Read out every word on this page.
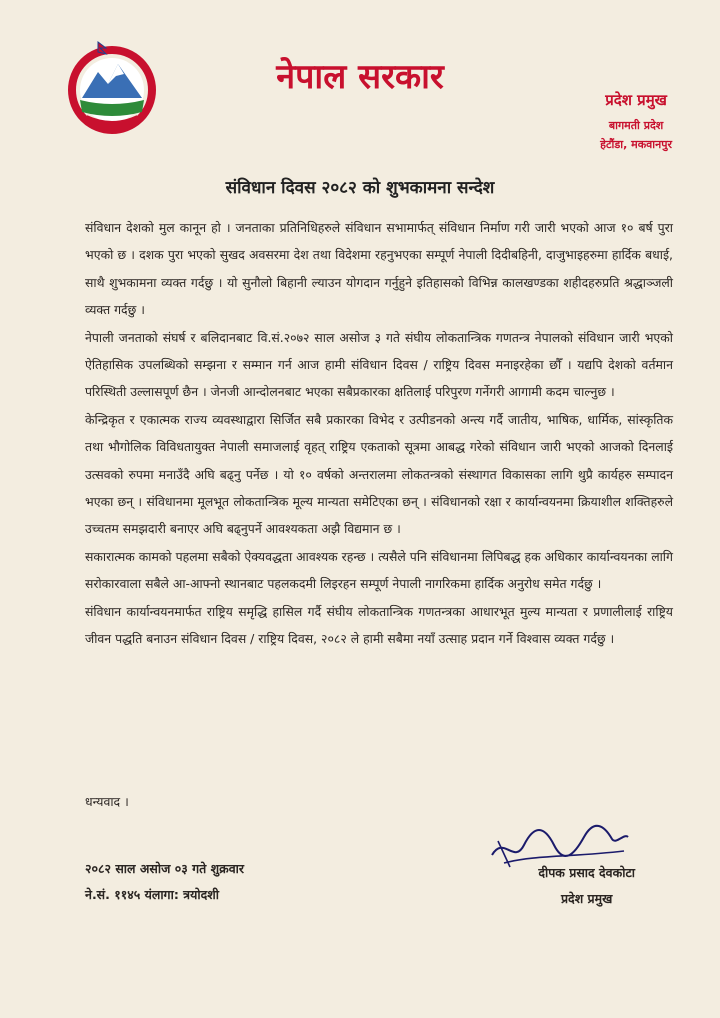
नेपाल सरकार
प्रदेश प्रमुख
बागमती प्रदेश
हेटौंडा, मकवानपुर
संविधान दिवस २०८२ को शुभकामना सन्देश

संविधान देशको मुल कानून हो । जनताका प्रतिनिधिहरुले संविधान सभामार्फत् संविधान निर्माण गरी जारी भएको आज १० बर्ष पुरा भएको छ । दशक पुरा भएको सुखद अवसरमा देश तथा विदेशमा रहनुभएका सम्पूर्ण नेपाली दिदीबहिनी, दाजुभाइहरुमा हार्दिक बधाई, साथै शुभकामना व्यक्त गर्दछु । यो सुनौलो बिहानी ल्याउन योगदान गर्नुहुने इतिहासको विभिन्न कालखण्डका शहीदहरुप्रति श्रद्धाञ्जली व्यक्त गर्दछु ।

नेपाली जनताको संघर्ष र बलिदानबाट वि.सं.२०७२ साल असोज ३ गते संघीय लोकतान्त्रिक गणतन्त्र नेपालको संविधान जारी भएको ऐतिहासिक उपलब्धिको सम्झना र सम्मान गर्न आज हामी संविधान दिवस / राष्ट्रिय दिवस मनाइरहेका छौँ । यद्यपि देशको वर्तमान परिस्थिती उल्लासपूर्ण छैन । जेनजी आन्दोलनबाट भएका सबैप्रकारका क्षतिलाई परिपुरण गर्नेगरी आगामी कदम चाल्नुछ ।

केन्द्रिकृत र एकात्मक राज्य व्यवस्थाद्वारा सिर्जित सबै प्रकारका विभेद र उत्पीडनको अन्त्य गर्दै जातीय, भाषिक, धार्मिक, सांस्कृतिक तथा भौगोलिक विविधतायुक्त नेपाली समाजलाई वृहत् राष्ट्रिय एकताको सूत्रमा आबद्ध गरेको संविधान जारी भएको आजको दिनलाई उत्सवको रुपमा मनाउँदै अघि बढ्नु पर्नेछ । यो १० वर्षको अन्तरालमा लोकतन्त्रको संस्थागत विकासका लागि थुप्रै कार्यहरु सम्पादन भएका छन् । संविधानमा मूलभूत लोकतान्त्रिक मूल्य मान्यता समेटिएका छन् । संविधानको रक्षा र कार्यान्वयनमा क्रियाशील शक्तिहरुले उच्चतम समझदारी बनाएर अघि बढ्नुपर्ने आवश्यकता अझै विद्यमान छ ।

सकारात्मक कामको पहलमा सबैको ऐक्यवद्धता आवश्यक रहन्छ । त्यसैले पनि संविधानमा लिपिबद्ध हक अधिकार कार्यान्वयनका लागि सरोकारवाला सबैले आ-आफ्नो स्थानबाट पहलकदमी लिइरहन सम्पूर्ण नेपाली नागरिकमा हार्दिक अनुरोध समेत गर्दछु ।

संविधान कार्यान्वयनमार्फत राष्ट्रिय समृद्धि हासिल गर्दै संघीय लोकतान्त्रिक गणतन्त्रका आधारभूत मुल्य मान्यता र प्रणालीलाई राष्ट्रिय जीवन पद्धति बनाउन संविधान दिवस / राष्ट्रिय दिवस, २०८२ ले हामी सबैमा नयाँ उत्साह प्रदान गर्ने विश्वास व्यक्त गर्दछु ।

धन्यवाद ।
२०८२ साल असोज ०३ गते शुक्रवार
ने.सं. ११४५ यंलागा: त्रयोदशी
दीपक प्रसाद देवकोटा
प्रदेश प्रमुख
